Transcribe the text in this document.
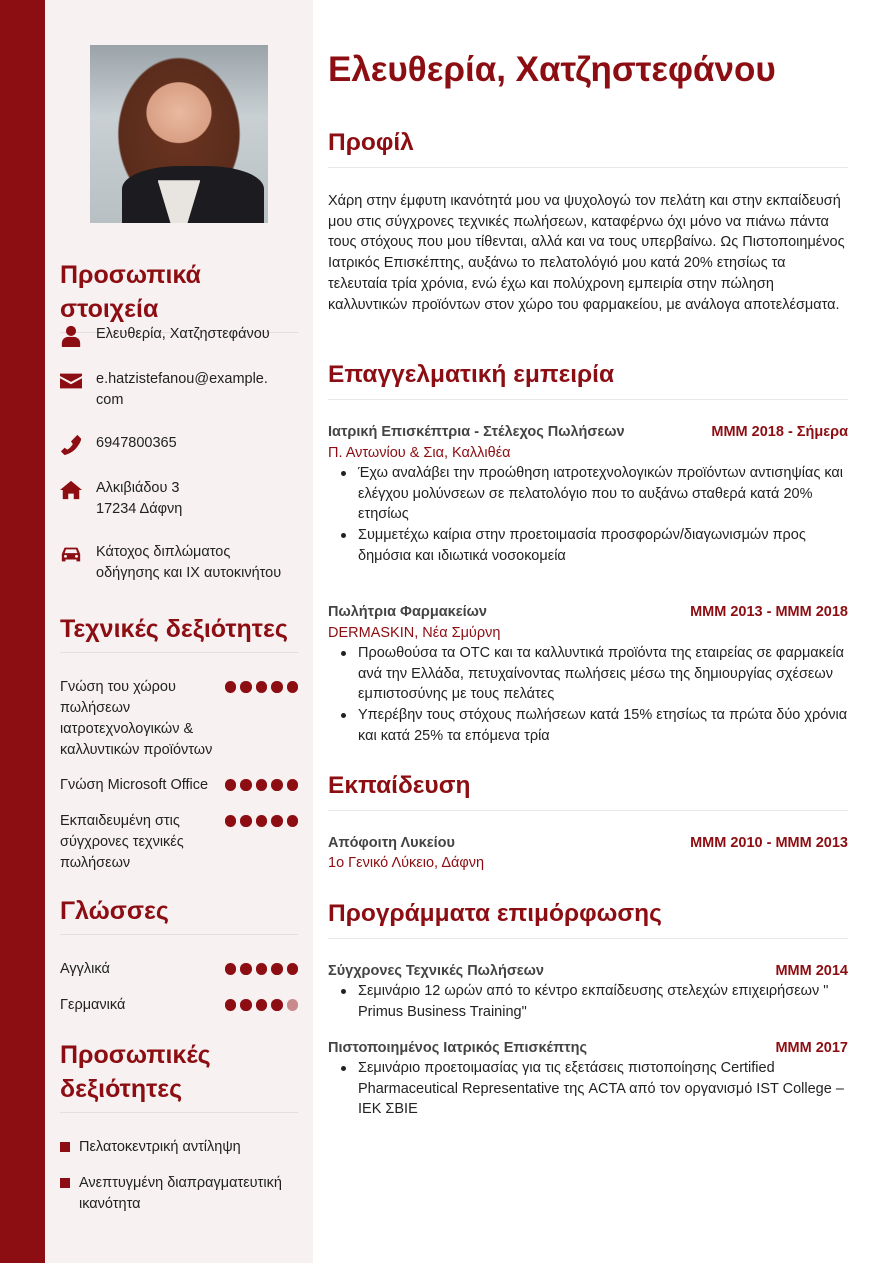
Προσωπικά στοιχεία
Ελευθερία, Χατζηστεφάνου
e.hatzistefanou@example.
com
6947800365
Αλκιβιάδου 3
17234 Δάφνη
Κάτοχος διπλώματος
οδήγησης και ΙΧ αυτοκινήτου
Τεχνικές δεξιότητες
Γνώση του χώρου πωλήσεων ιατροτεχνολογικών & καλλυντικών προϊόντων
Γνώση Microsoft Office
Εκπαιδευμένη στις σύγχρονες τεχνικές πωλήσεων
Γλώσσες
Αγγλικά
Γερμανικά
Προσωπικές δεξιότητες
Πελατοκεντρική αντίληψη
Ανεπτυγμένη διαπραγματευτική ικανότητα
Ελευθερία, Χατζηστεφάνου
Προφίλ

Χάρη στην έμφυτη ικανότητά μου να ψυχολογώ τον πελάτη και στην εκπαίδευσή μου στις σύγχρονες τεχνικές πωλήσεων, καταφέρνω όχι μόνο να πιάνω πάντα τους στόχους που μου τίθενται, αλλά και να τους υπερβαίνω. Ως Πιστοποιημένος Ιατρικός Επισκέπτης, αυξάνω το πελατολόγιό μου κατά 20% ετησίως τα τελευταία τρία χρόνια, ενώ έχω και πολύχρονη εμπειρία στην πώληση καλλυντικών προϊόντων στον χώρο του φαρμακείου, με ανάλογα αποτελέσματα.

Επαγγελματική εμπειρία
Ιατρική Επισκέπτρια - Στέλεχος Πωλήσεων	MMM 2018 - Σήμερα
Π. Αντωνίου & Σια, Καλλιθέα
Έχω αναλάβει την προώθηση ιατροτεχνολογικών προϊόντων αντισηψίας και ελέγχου μολύνσεων σε πελατολόγιο που το αυξάνω σταθερά κατά 20% ετησίως
Συμμετέχω καίρια στην προετοιμασία προσφορών/διαγωνισμών προς δημόσια και ιδιωτικά νοσοκομεία
Πωλήτρια Φαρμακείων	MMM 2013 - MMM 2018
DERMASKIN, Νέα Σμύρνη
Προωθούσα τα OTC και τα καλλυντικά προϊόντα της εταιρείας σε φαρμακεία ανά την Ελλάδα, πετυχαίνοντας πωλήσεις μέσω της δημιουργίας σχέσεων εμπιστοσύνης με τους πελάτες
Υπερέβην τους στόχους πωλήσεων κατά 15% ετησίως τα πρώτα δύο χρόνια και κατά 25% τα επόμενα τρία
Εκπαίδευση
Απόφοιτη Λυκείου	MMM 2010 - MMM 2013
1ο Γενικό Λύκειο, Δάφνη
Προγράμματα επιμόρφωσης
Σύγχρονες Τεχνικές Πωλήσεων	MMM 2014
Σεμινάριο 12 ωρών από το κέντρο εκπαίδευσης στελεχών επιχειρήσεων " Primus Business Training"
Πιστοποιημένος Ιατρικός Επισκέπτης	MMM 2017
Σεμινάριο προετοιμασίας για τις εξετάσεις πιστοποίησης Certified Pharmaceutical Representative της ACTA από τον οργανισμό IST College – ΙΕΚ ΣΒΙΕ
